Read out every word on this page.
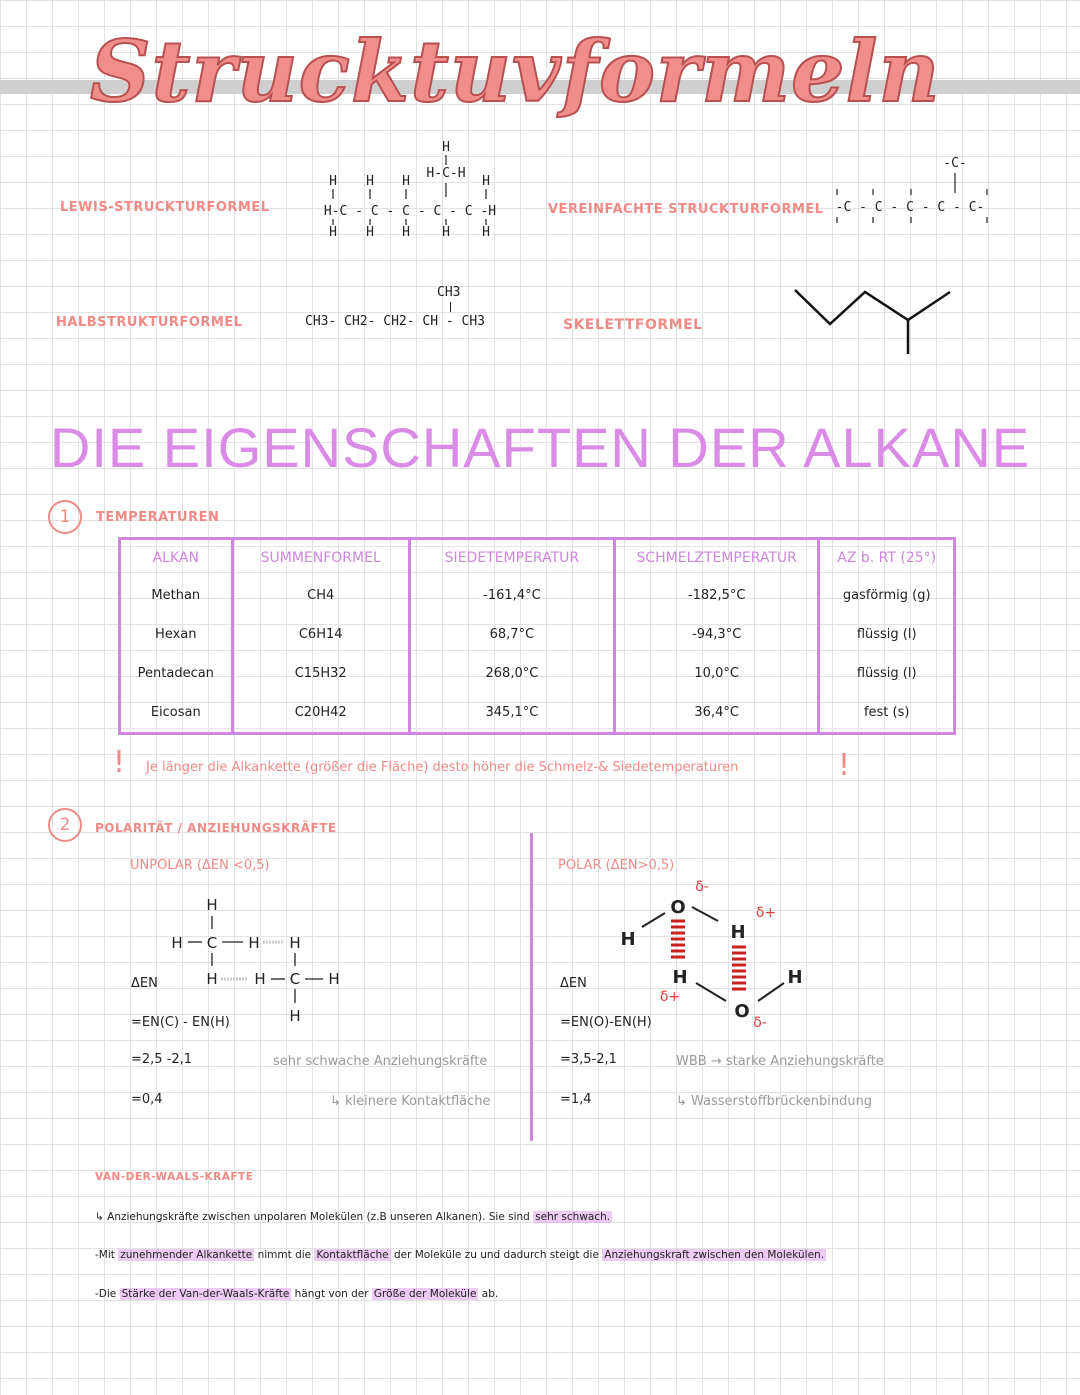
Strucktuvformeln
LEWIS-STRUCKTURFORMEL
H
H-C-H
H H H	H
H-C - C - C - C - C -H
H H H H H
VEREINFACHTE STRUCKTURFORMEL
-C-
-C - C - C - C - C-
HALBSTRUKTURFORMEL
CH3
CH3- CH2- CH2- CH - CH3	SKELETTFORMEL
DIE EIGENSCHAFTEN DER ALKANE
1	TEMPERATUREN
ALKAN	SUMMENFORMEL	SIEDETEMPERATUR	SCHMELZTEMPERATUR	AZ b. RT (25°)
Methan	CH4	-161,4°C	-182,5°C	gasförmig (g)
Hexan	C6H14	68,7°C	-94,3°C	flüssig (l)
Pentadecan	C15H32	268,0°C	10,0°C	flüssig (l)
Eicosan	C20H42	345,1°C	36,4°C	fest (s)
! Je länger die Alkankette (größer die Fläche) desto höher die Schmelz-& Siedetemperaturen	!
2	POLARITÄT / ANZIEHUNGSKRÄFTE
UNPOLAR (ΔEN <0,5)
H
H C H H
H H C H
H
ΔEN
=EN(C) - EN(H)
=2,5 -2,1
=0,4
sehr schwache Anziehungskräfte
↳ kleinere Kontaktfläche
POLAR (ΔEN>0,5)
O
H	H
H
O
H
δ-
δ+
δ+
δ-
ΔEN
=EN(O)-EN(H)
=3,5-2,1
=1,4
WBB → starke Anziehungskräfte
↳ Wasserstoffbrückenbindung
VAN-DER-WAALS-KRÄFTE
↳ Anziehungskräfte zwischen unpolaren Molekülen (z.B unseren Alkanen). Sie sind sehr schwach.
-Mit zunehmender Alkankette nimmt die Kontaktfläche der Moleküle zu und dadurch steigt die Anziehungskraft zwischen den Molekülen.
-Die Stärke der Van-der-Waals-Kräfte hängt von der Größe der Moleküle ab.
